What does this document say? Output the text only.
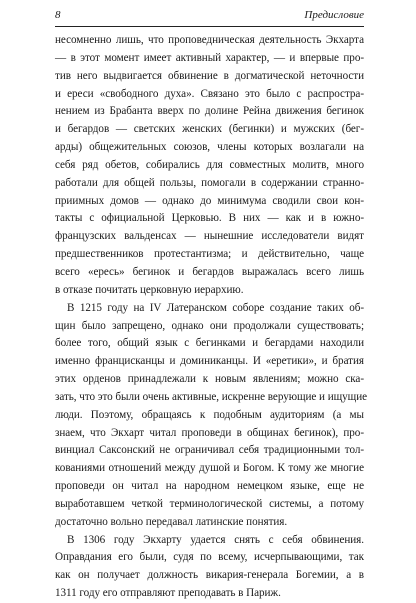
8	Предисловие
несомненно лишь, что проповедническая деятельность Экхарта
— в этот момент имеет активный характер, — и впервые про-
тив него выдвигается обвинение в догматической неточности
и ереси «свободного духа». Связано это было с распростра-
нением из Брабанта вверх по долине Рейна движения бегинок
и бегардов — светских женских (бегинки) и мужских (бег-
арды) общежительных союзов, члены которых возлагали на
себя ряд обетов, собирались для совместных молитв, много
работали для общей пользы, помогали в содержании странно-
приимных домов — однако до минимума сводили свои кон-
такты с официальной Церковью. В них — как и в южно-
французских вальденсах — нынешние исследователи видят
предшественников протестантизма; и действительно, чаще
всего «ересь» бегинок и бегардов выражалась всего лишь
в отказе почитать церковную иерархию.
В 1215 году на IV Латеранском соборе создание таких об-
щин было запрещено, однако они продолжали существовать;
более того, общий язык с бегинками и бегардами находили
именно францисканцы и доминиканцы. И «еретики», и братия
этих орденов принадлежали к новым явлениям; можно ска-
зать, что это были очень активные, искренне верующие и ищущие
люди. Поэтому, обращаясь к подобным аудиториям (а мы
знаем, что Экхарт читал проповеди в общинах бегинок), про-
винциал Саксонский не ограничивал себя традиционными тол-
кованиями отношений между душой и Богом. К тому же многие
проповеди он читал на народном немецком языке, еще не
выработавшем четкой терминологической системы, а потому
достаточно вольно передавал латинские понятия.
В 1306 году Экхарту удается снять с себя обвинения.
Оправдания его были, судя по всему, исчерпывающими, так
как он получает должность викария-генерала Богемии, а в
1311 году его отправляют преподавать в Париж.
